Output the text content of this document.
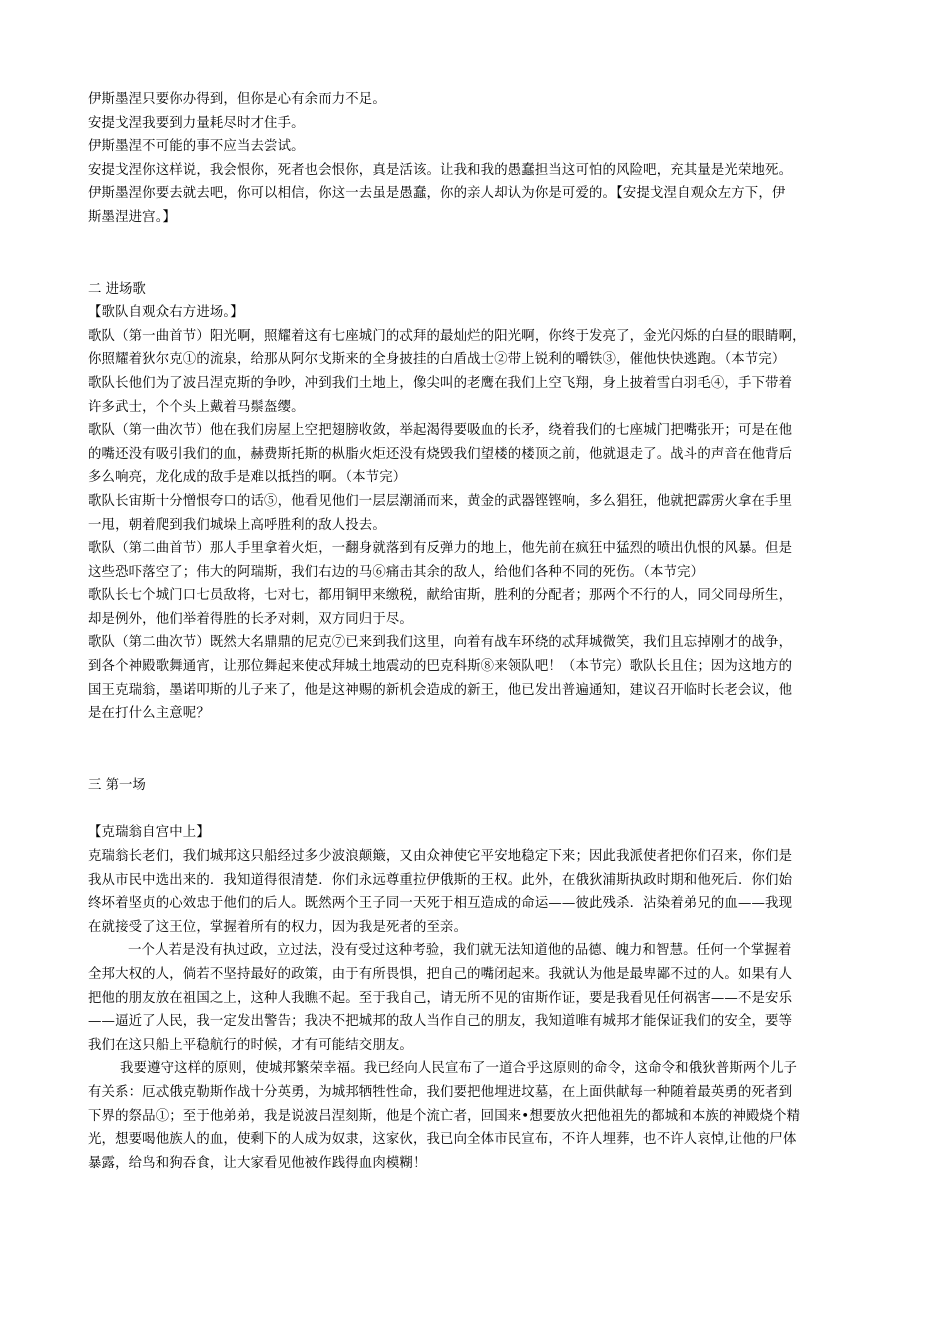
伊斯墨涅只要你办得到，但你是心有余而力不足。

安提戈涅我要到力量耗尽时才住手。

伊斯墨涅不可能的事不应当去尝试。

安提戈涅你这样说，我会恨你，死者也会恨你，真是活该。让我和我的愚蠢担当这可怕的风险吧，充其量是光荣地死。

伊斯墨涅你要去就去吧，你可以相信，你这一去虽是愚蠢，你的亲人却认为你是可爱的。【安提戈涅自观众左方下，伊

斯墨涅进宫。】

二 进场歌

【歌队自观众右方进场。】

歌队（第一曲首节）阳光啊，照耀着这有七座城门的忒拜的最灿烂的阳光啊，你终于发亮了，金光闪烁的白昼的眼睛啊，

你照耀着狄尔克①的流泉，给那从阿尔戈斯来的全身披挂的白盾战士②带上锐利的嚼铁③，催他快快逃跑。（本节完）

歌队长他们为了波吕涅克斯的争吵，冲到我们土地上，像尖叫的老鹰在我们上空飞翔，身上披着雪白羽毛④，手下带着

许多武士，个个头上戴着马鬃盔缨。

歌队（第一曲次节）他在我们房屋上空把翅膀收敛，举起渴得要吸血的长矛，绕着我们的七座城门把嘴张开；可是在他

的嘴还没有吸引我们的血，赫费斯托斯的枞脂火炬还没有烧毁我们望楼的楼顶之前，他就退走了。战斗的声音在他背后

多么响亮，龙化成的敌手是难以抵挡的啊。（本节完）

歌队长宙斯十分憎恨夸口的话⑤，他看见他们一层层潮涌而来，黄金的武器铿铿响，多么猖狂，他就把霹雳火拿在手里

一甩，朝着爬到我们城垛上高呼胜利的敌人投去。

歌队（第二曲首节）那人手里拿着火炬，一翻身就落到有反弹力的地上，他先前在疯狂中猛烈的喷出仇恨的风暴。但是

这些恐吓落空了；伟大的阿瑞斯，我们右边的马⑥痛击其余的敌人，给他们各种不同的死伤。（本节完）

歌队长七个城门口七员敌将，七对七，都用铜甲来缴税，献给宙斯，胜利的分配者；那两个不行的人，同父同母所生，

却是例外，他们举着得胜的长矛对刺，双方同归于尽。

歌队（第二曲次节）既然大名鼎鼎的尼克⑦已来到我们这里，向着有战车环绕的忒拜城微笑，我们且忘掉刚才的战争，

到各个神殿歌舞通宵，让那位舞起来使忒拜城土地震动的巴克科斯⑧来领队吧！（本节完）歌队长且住；因为这地方的

国王克瑞翁，墨诺叩斯的儿子来了，他是这神赐的新机会造成的新王，他已发出普遍通知，建议召开临时长老会议，他

是在打什么主意呢？

三 第一场

【克瑞翁自宫中上】

克瑞翁长老们，我们城邦这只船经过多少波浪颠簸，又由众神使它平安地稳定下来；因此我派使者把你们召来，你们是

我从市民中选出来的．我知道得很清楚．你们永远尊重拉伊俄斯的王权。此外，在俄狄浦斯执政时期和他死后．你们始

终坏着坚贞的心效忠于他们的后人。既然两个王子同一天死于相互造成的命运——彼此残杀．沾染着弟兄的血——我现

在就接受了这王位，掌握着所有的权力，因为我是死者的至亲。

一个人若是没有执过政，立过法，没有受过这种考验，我们就无法知道他的品德、魄力和智慧。任何一个掌握着

全邦大权的人，倘若不坚持最好的政策，由于有所畏惧，把自己的嘴闭起来。我就认为他是最卑鄙不过的人。如果有人

把他的朋友放在祖国之上，这种人我瞧不起。至于我自己，请无所不见的宙斯作证，要是我看见任何祸害——不是安乐

——逼近了人民，我一定发出警告；我决不把城邦的敌人当作自己的朋友，我知道唯有城邦才能保证我们的安全，要等

我们在这只船上平稳航行的时候，才有可能结交朋友。

我要遵守这样的原则，使城邦繁荣幸福。我已经向人民宣布了一道合乎这原则的命令，这命令和俄狄普斯两个儿子

有关系：厄忒俄克勒斯作战十分英勇，为城邦牺牲性命，我们要把他埋进坟墓，在上面供献每一种随着最英勇的死者到

下界的祭品①；至于他弟弟，我是说波吕涅刻斯，他是个流亡者，回国来•想要放火把他祖先的都城和本族的神殿烧个精

光，想要喝他族人的血，使剩下的人成为奴隶，这家伙，我已向全体市民宣布，不许人埋葬，也不许人哀悼,让他的尸体

暴露，给鸟和狗吞食，让大家看见他被作践得血肉模糊！
